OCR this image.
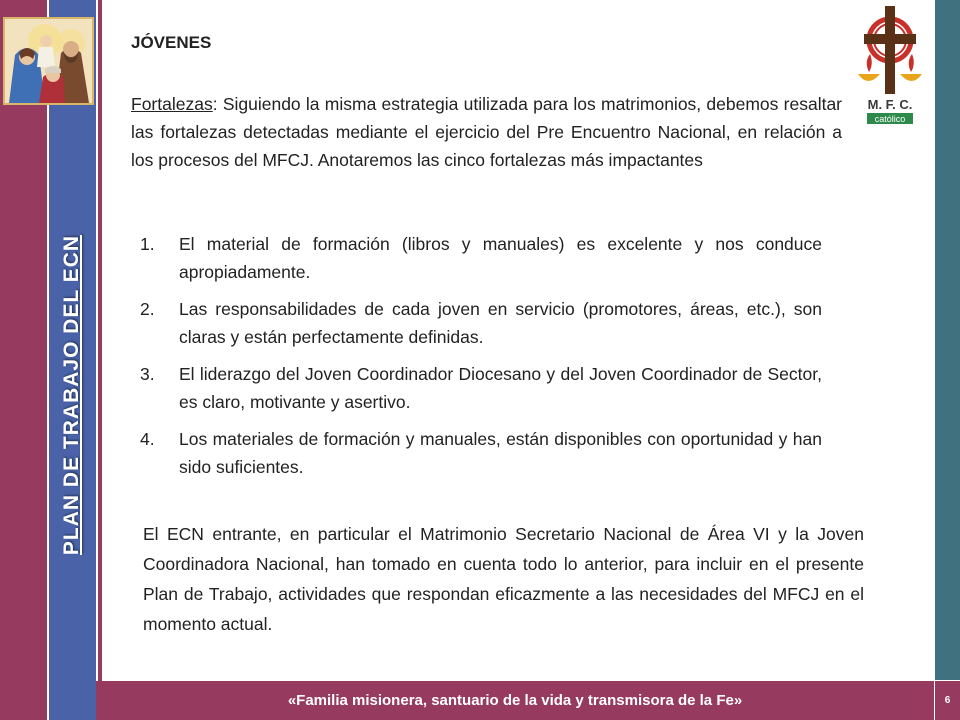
PLAN DE TRABAJO DEL ECN
M. F. C.
católico
JÓVENES

Fortalezas: Siguiendo la misma estrategia utilizada para los matrimonios, debemos resaltar las fortalezas detectadas mediante el ejercicio del Pre Encuentro Nacional, en relación a los procesos del MFCJ. Anotaremos las cinco fortalezas más impactantes

1.	El material de formación (libros y manuales) es excelente y nos conduce apropiadamente.
2.	Las responsabilidades de cada joven en servicio (promotores, áreas, etc.), son claras y están perfectamente definidas.
3.	El liderazgo del Joven Coordinador Diocesano y del Joven Coordinador de Sector, es claro, motivante y asertivo.
4.	Los materiales de formación y manuales, están disponibles con oportunidad y han sido suficientes.

El ECN entrante, en particular el Matrimonio Secretario Nacional de Área VI y la Joven Coordinadora Nacional, han tomado en cuenta todo lo anterior, para incluir en el presente Plan de Trabajo, actividades que respondan eficazmente a las necesidades del MFCJ en el momento actual.

«Familia misionera, santuario de la vida y transmisora de la Fe»	6
